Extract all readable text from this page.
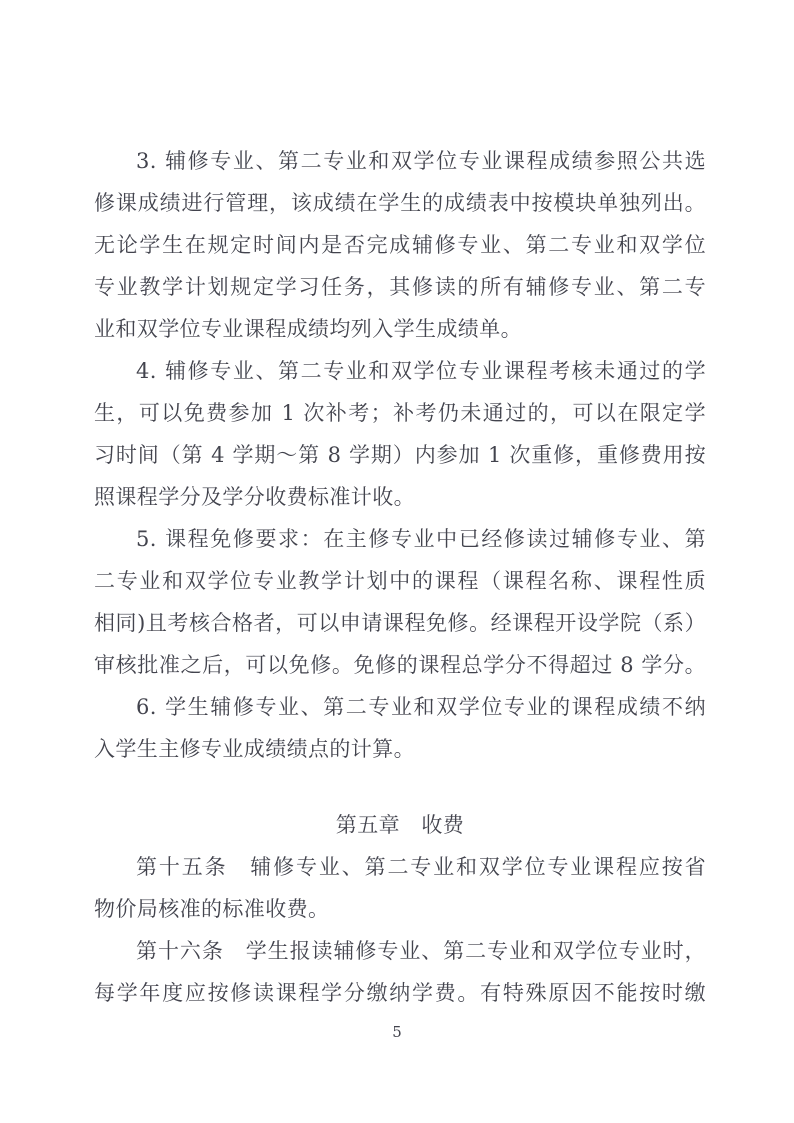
3. 辅修专业、第二专业和双学位专业课程成绩参照公共选
修课成绩进行管理，该成绩在学生的成绩表中按模块单独列出。
无论学生在规定时间内是否完成辅修专业、第二专业和双学位
专业教学计划规定学习任务，其修读的所有辅修专业、第二专
业和双学位专业课程成绩均列入学生成绩单。
4. 辅修专业、第二专业和双学位专业课程考核未通过的学
生，可以免费参加 1 次补考；补考仍未通过的，可以在限定学
习时间（第 4 学期～第 8 学期）内参加 1 次重修，重修费用按
照课程学分及学分收费标准计收。
5. 课程免修要求：在主修专业中已经修读过辅修专业、第
二专业和双学位专业教学计划中的课程（课程名称、课程性质
相同)且考核合格者，可以申请课程免修。经课程开设学院（系）
审核批准之后，可以免修。免修的课程总学分不得超过 8 学分。
6. 学生辅修专业、第二专业和双学位专业的课程成绩不纳
入学生主修专业成绩绩点的计算。
第五章　收费
第十五条　辅修专业、第二专业和双学位专业课程应按省
物价局核准的标准收费。
第十六条　学生报读辅修专业、第二专业和双学位专业时，
每学年度应按修读课程学分缴纳学费。有特殊原因不能按时缴
5
